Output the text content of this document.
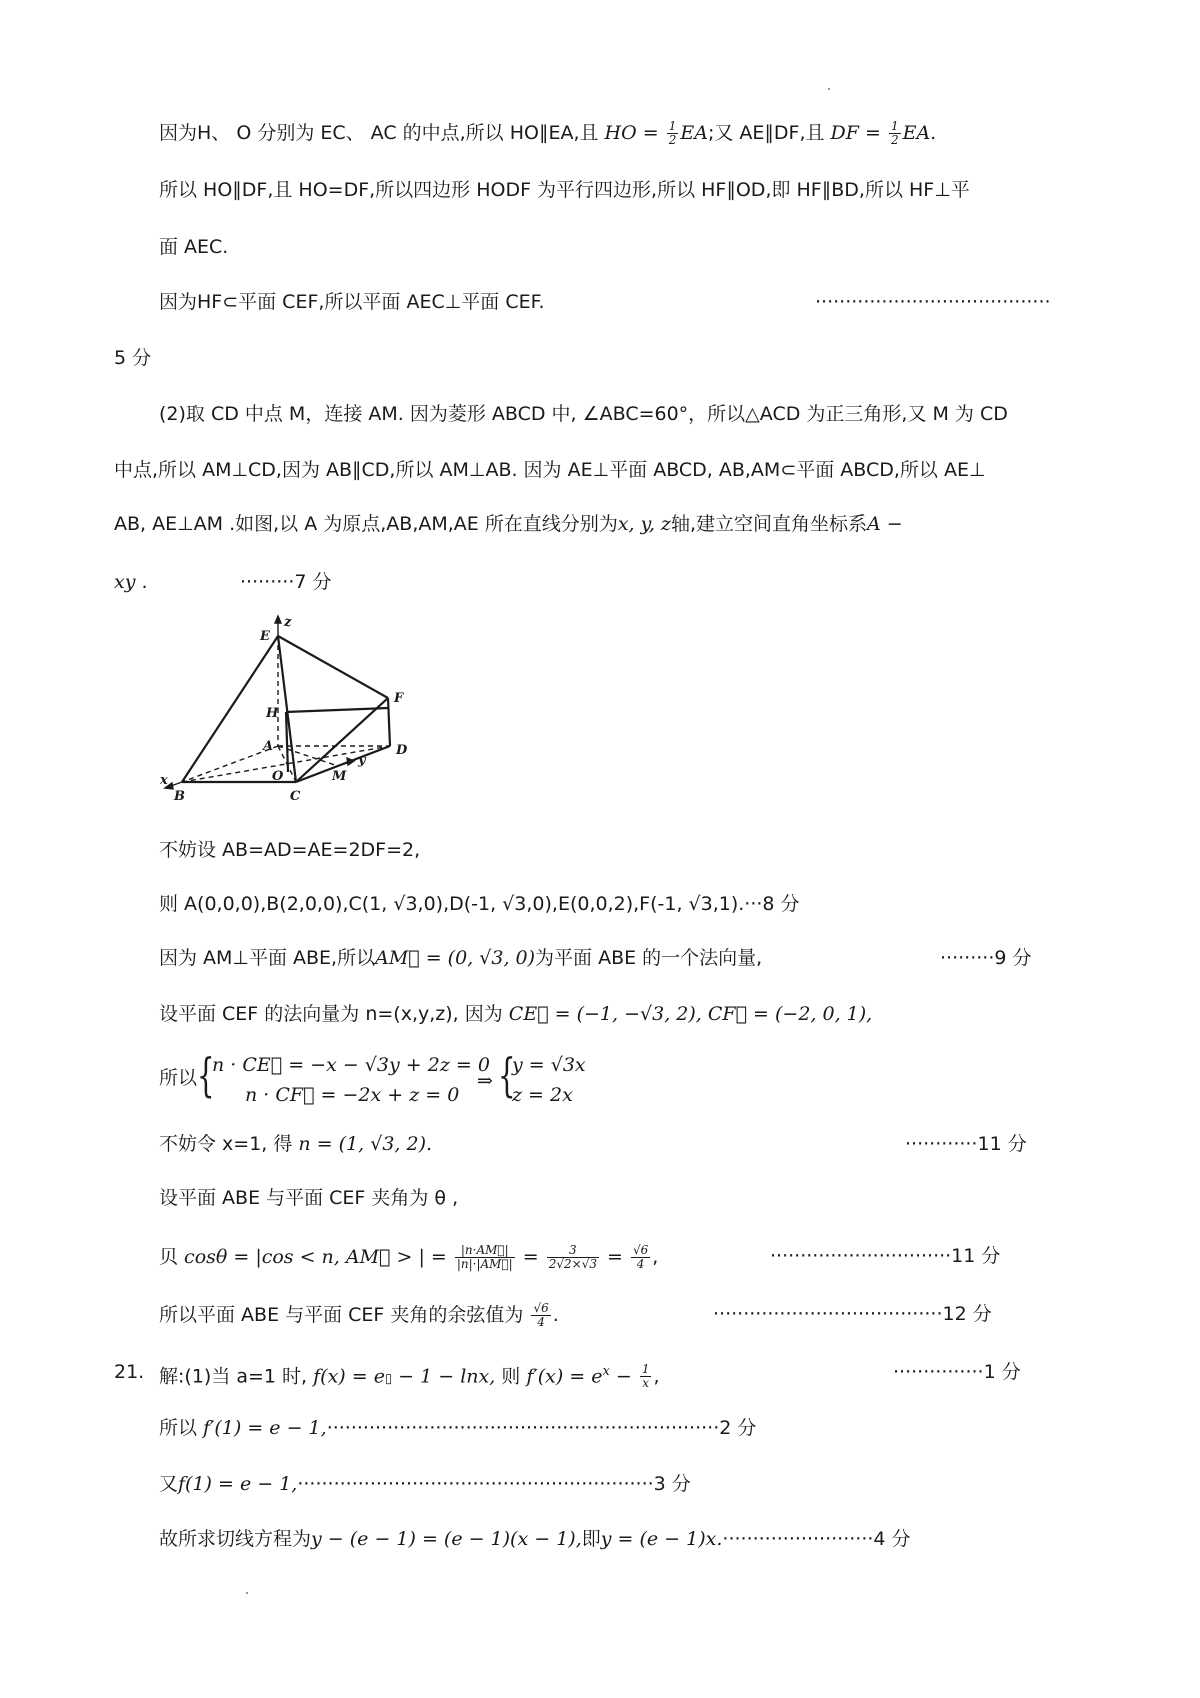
因为H、 O 分别为 EC、 AC 的中点,所以 HO∥EA,且 HO = $\frac{1}{2}$ EA;又 AE∥DF,且 DF = $\frac{1}{2}$ EA.
所以 HO∥DF,且 HO=DF,所以四边形 HODF 为平行四边形,所以 HF∥OD,即 HF∥BD,所以 HF⊥平
面 AEC.
因为HF⊂平面 CEF,所以平面 AEC⊥平面 CEF.	·······································
5 分
(2)取 CD 中点 M，连接 AM. 因为菱形 ABCD 中, ∠ABC=60°，所以△ACD 为正三角形,又 M 为 CD
中点,所以 AM⊥CD,因为 AB∥CD,所以 AM⊥AB. 因为 AE⊥平面 ABCD, AB,AM⊂平面 ABCD,所以 AE⊥
AB, AE⊥AM .如图,以 A 为原点,AB,AM,AE 所在直线分别为x, y, z轴,建立空间直角坐标系A −
xy .	·········7 分
E
z
H
F
A	D
x	O	M
y
B	C
不妨设 AB=AD=AE=2DF=2,
则 A(0,0,0),B(2,0,0),C(1, √3,0),D(-1, √3,0),E(0,0,2),F(-1, √3,1).···8 分
因为 AM⊥平面 ABE,所以AM⃗ = (0, √3, 0)为平面 ABE 的一个法向量,	·········9 分
设平面 CEF 的法向量为 n=(x,y,z), 因为 CE⃗ = (−1, −√3, 2), CF⃗ = (−2, 0, 1),
所以 {
n · CE⃗ = −x − √3y + 2z = 0
n · CF⃗ = −2x + z = 0
⇒ {
y = √3x
z = 2x
不妨令 x=1, 得 n = (1, √3, 2).	············11 分
设平面 ABE 与平面 CEF 夹角为 θ ,
贝 cosθ = |cos < n, AM⃗ > | = $\frac{|n\cdot AM⃗|}{|n|\cdot|AM⃗|} = \frac{3}{2√2\times√3} = \frac{√6}{4}$ ,	······························11 分
所以平面 ABE 与平面 CEF 夹角的余弦值为 $\frac{√6}{4}$ .	······································12 分
21. 解:(1)当 a=1 时, f(x) = e▯ − 1 − lnx, 则 $f'(x) = e^x - \frac{1}{x}$ ,	···············1 分
所以 f′(1) = e − 1,·································································2 分
又f(1) = e − 1,···························································3 分
故所求切线方程为y − (e − 1) = (e − 1)(x − 1),即y = (e − 1)x.·························4 分
